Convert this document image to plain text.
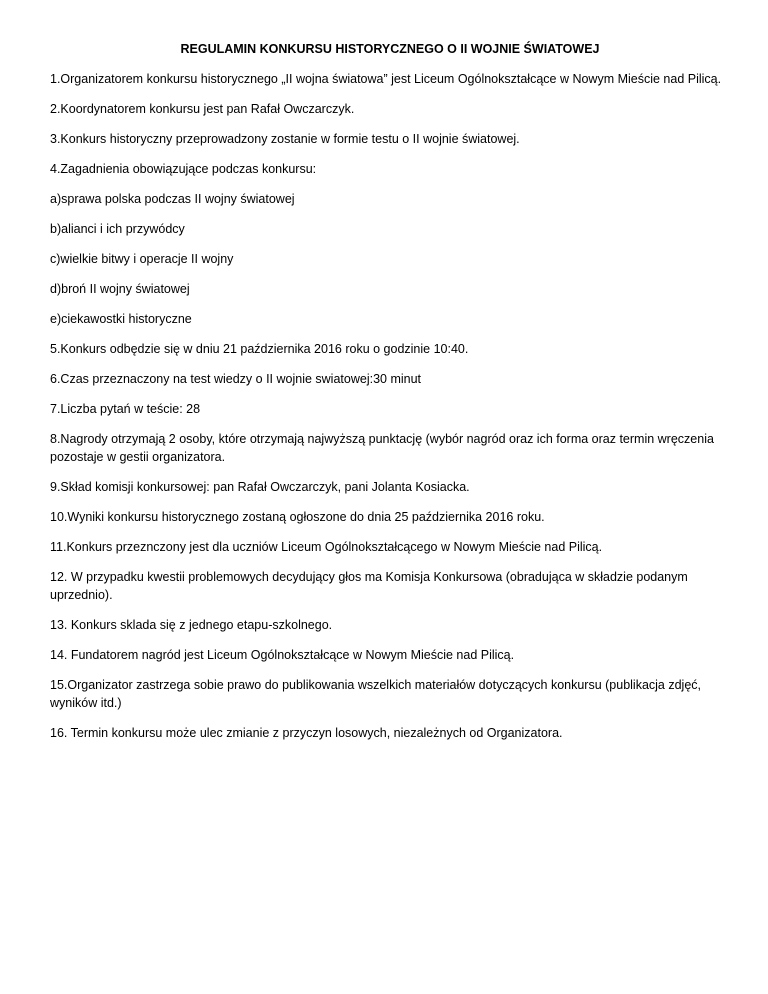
REGULAMIN KONKURSU HISTORYCZNEGO O II WOJNIE ŚWIATOWEJ
1.Organizatorem konkursu historycznego „II wojna światowa” jest Liceum Ogólnokształcące w Nowym Mieście nad Pilicą.
2.Koordynatorem konkursu jest pan Rafał Owczarczyk.
3.Konkurs historyczny przeprowadzony zostanie w formie testu o II wojnie światowej.
4.Zagadnienia obowiązujące podczas konkursu:
a)sprawa polska podczas II wojny światowej
b)alianci i ich przywódcy
c)wielkie bitwy i operacje II wojny
d)broń II wojny światowej
e)ciekawostki historyczne
5.Konkurs odbędzie się w dniu 21 października 2016 roku o godzinie 10:40.
6.Czas przeznaczony na test wiedzy o II wojnie swiatowej:30 minut
7.Liczba pytań w teście: 28
8.Nagrody otrzymają 2 osoby, które otrzymają najwyższą punktację (wybór nagród oraz ich forma oraz termin wręczenia pozostaje w gestii organizatora.
9.Skład komisji konkursowej: pan Rafał Owczarczyk, pani Jolanta Kosiacka.
10.Wyniki konkursu historycznego zostaną ogłoszone do dnia 25 października 2016 roku.
11.Konkurs przeznczony jest dla uczniów Liceum Ogólnokształcącego w Nowym Mieście nad Pilicą.
12. W przypadku kwestii problemowych decydujący głos ma Komisja Konkursowa (obradująca w składzie podanym uprzednio).
13. Konkurs sklada się z jednego etapu-szkolnego.
14. Fundatorem nagród jest Liceum Ogólnokształcące w Nowym Mieście nad Pilicą.
15.Organizator zastrzega sobie prawo do publikowania wszelkich materiałów dotyczących konkursu (publikacja zdjęć, wyników itd.)
16. Termin konkursu może ulec zmianie z przyczyn losowych, niezależnych od Organizatora.
